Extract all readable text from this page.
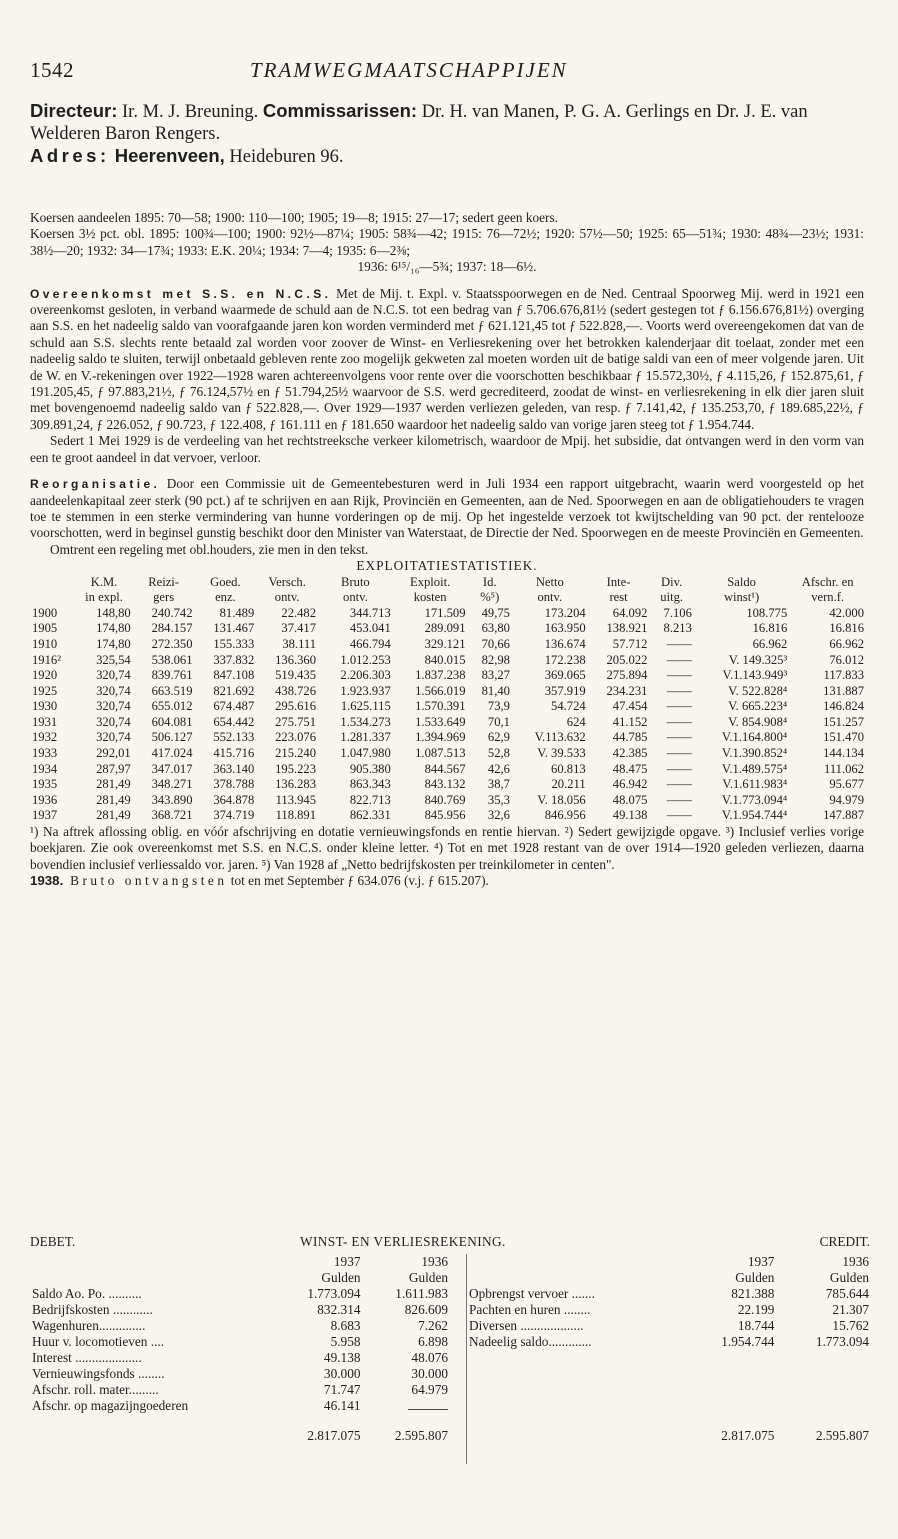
1542	TRAMWEGMAATSCHAPPIJEN

Directeur: Ir. M. J. Breuning. Commissarissen: Dr. H. van Manen, P. G. A. Gerlings en Dr. J. E. van Welderen Baron Rengers.

Adres: Heerenveen, Heideburen 96.

Koersen aandeelen 1895: 70—58; 1900: 110—100; 1905; 19—8; 1915: 27—17; sedert geen koers.

Koersen 3½ pct. obl. 1895: 100¾—100; 1900: 92½—87¼; 1905: 58¾—42; 1915: 76—72½; 1920: 57½—50; 1925: 65—51¾; 1930: 48¾—23½; 1931: 38½—20; 1932: 34—17¾; 1933: E.K. 20¼; 1934: 7—4; 1935: 6—2⅜;

1936: 6¹⁵/₁₆—5¾; 1937: 18—6½.

Overeenkomst met S.S. en N.C.S. Met de Mij. t. Expl. v. Staatsspoorwegen en de Ned. Centraal Spoorweg Mij. werd in 1921 een overeenkomst gesloten, in verband waarmede de schuld aan de N.C.S. tot een bedrag van ƒ 5.706.676,81½ (sedert gestegen tot ƒ 6.156.676,81½) overging aan S.S. en het nadeelig saldo van voorafgaande jaren kon worden verminderd met ƒ 621.121,45 tot ƒ 522.828,—. Voorts werd overeengekomen dat van de schuld aan S.S. slechts rente betaald zal worden voor zoover de Winst- en Verliesrekening over het betrokken kalenderjaar dit toelaat, zonder met een nadeelig saldo te sluiten, terwijl onbetaald gebleven rente zoo mogelijk gekweten zal moeten worden uit de batige saldi van een of meer volgende jaren. Uit de W. en V.-rekeningen over 1922—1928 waren achtereenvolgens voor rente over die voorschotten beschikbaar ƒ 15.572,30½, ƒ 4.115,26, ƒ 152.875,61, ƒ 191.205,45, ƒ 97.883,21½, ƒ 76.124,57½ en ƒ 51.794,25½ waarvoor de S.S. werd gecrediteerd, zoodat de winst- en verliesrekening in elk dier jaren sluit met bovengenoemd nadeelig saldo van ƒ 522.828,—. Over 1929—1937 werden verliezen geleden, van resp. ƒ 7.141,42, ƒ 135.253,70, ƒ 189.685,22½, ƒ 309.891,24, ƒ 226.052, ƒ 90.723, ƒ 122.408, ƒ 161.111 en ƒ 181.650 waardoor het nadeelig saldo van vorige jaren steeg tot ƒ 1.954.744.

Sedert 1 Mei 1929 is de verdeeling van het rechtstreeksche verkeer kilometrisch, waardoor de Mpij. het subsidie, dat ontvangen werd in den vorm van een te groot aandeel in dat vervoer, verloor.

Reorganisatie. Door een Commissie uit de Gemeentebesturen werd in Juli 1934 een rapport uitgebracht, waarin werd voorgesteld op het aandeelenkapitaal zeer sterk (90 pct.) af te schrijven en aan Rijk, Provinciën en Gemeenten, aan de Ned. Spoorwegen en aan de obligatiehouders te vragen toe te stemmen in een sterke vermindering van hunne vorderingen op de mij. Op het ingestelde verzoek tot kwijtschelding van 90 pct. der rentelooze voorschotten, werd in beginsel gunstig beschikt door den Minister van Waterstaat, de Directie der Ned. Spoorwegen en de meeste Provinciën en Gemeenten.

Omtrent een regeling met obl.houders, zie men in den tekst.

EXPLOITATIESTATISTIEK.

	K.M.	Reizi-	Goed.	Versch.	Bruto	Exploit.	Id.	Netto	Inte-	Div.	Saldo	Afschr. en
	in expl.	gers	enz.	ontv.	ontv.	kosten	%⁵)	ontv.	rest	uitg.	winst¹)	vern.f.
1900	148,80	240.742	81.489	22.482	344.713	171.509	49,75	173.204	64.092	7.106	108.775	42.000
1905	174,80	284.157	131.467	37.417	453.041	289.091	63,80	163.950	138.921	8.213	16.816	16.816
1910	174,80	272.350	155.333	38.111	466.794	329.121	70,66	136.674	57.712	——	66.962	66.962
1916²	325,54	538.061	337.832	136.360	1.012.253	840.015	82,98	172.238	205.022	——	V. 149.325³	76.012
1920	320,74	839.761	847.108	519.435	2.206.303	1.837.238	83,27	369.065	275.894	——	V.1.143.949³	117.833
1925	320,74	663.519	821.692	438.726	1.923.937	1.566.019	81,40	357.919	234.231	——	V. 522.828⁴	131.887
1930	320,74	655.012	674.487	295.616	1.625.115	1.570.391	73,9	54.724	47.454	——	V. 665.223⁴	146.824
1931	320,74	604.081	654.442	275.751	1.534.273	1.533.649	70,1	624	41.152	——	V. 854.908⁴	151.257
1932	320,74	506.127	552.133	223.076	1.281.337	1.394.969	62,9	V.113.632	44.785	——	V.1.164.800⁴	151.470
1933	292,01	417.024	415.716	215.240	1.047.980	1.087.513	52,8	V. 39.533	42.385	——	V.1.390.852⁴	144.134
1934	287,97	347.017	363.140	195.223	905.380	844.567	42,6	60.813	48.475	——	V.1.489.575⁴	111.062
1935	281,49	348.271	378.788	136.283	863.343	843.132	38,7	20.211	46.942	——	V.1.611.983⁴	95.677
1936	281,49	343.890	364.878	113.945	822.713	840.769	35,3	V. 18.056	48.075	——	V.1.773.094⁴	94.979
1937	281,49	368.721	374.719	118.891	862.331	845.956	32,6	846.956	49.138	——	V.1.954.744⁴	147.887

¹) Na aftrek aflossing oblig. en vóór afschrijving en dotatie vernieuwingsfonds en rentie hiervan. ²) Sedert gewijzigde opgave. ³) Inclusief verlies vorige boekjaren. Zie ook overeenkomst met S.S. en N.C.S. onder kleine letter. ⁴) Tot en met 1928 restant van de over 1914—1920 geleden verliezen, daarna bovendien inclusief verliessaldo vor. jaren. ⁵) Van 1928 af „Netto bedrijfskosten per treinkilometer in centen".

1938. Bruto ontvangsten tot en met September ƒ 634.076 (v.j. ƒ 615.207).

DEBET.	WINST- EN VERLIESREKENING.	CREDIT.
	1937	1936
	Gulden	Gulden
Saldo Ao. Po. ..........	1.773.094	1.611.983
Bedrijfskosten ............	832.314	826.609
Wagenhuren..............	8.683	7.262
Huur v. locomotieven ....	5.958	6.898
Interest ....................	49.138	48.076
Vernieuwingsfonds ........	30.000	30.000
Afschr. roll. mater.........	71.747	64.979
Afschr. op magazijngoederen	46.141	
	2.817.075	2.595.807
	1937	1936
	Gulden	Gulden
Opbrengst vervoer .......	821.388	785.644
Pachten en huren ........	22.199	21.307
Diversen ...................	18.744	15.762
Nadeelig saldo.............	1.954.744	1.773.094

	2.817.075	2.595.807
